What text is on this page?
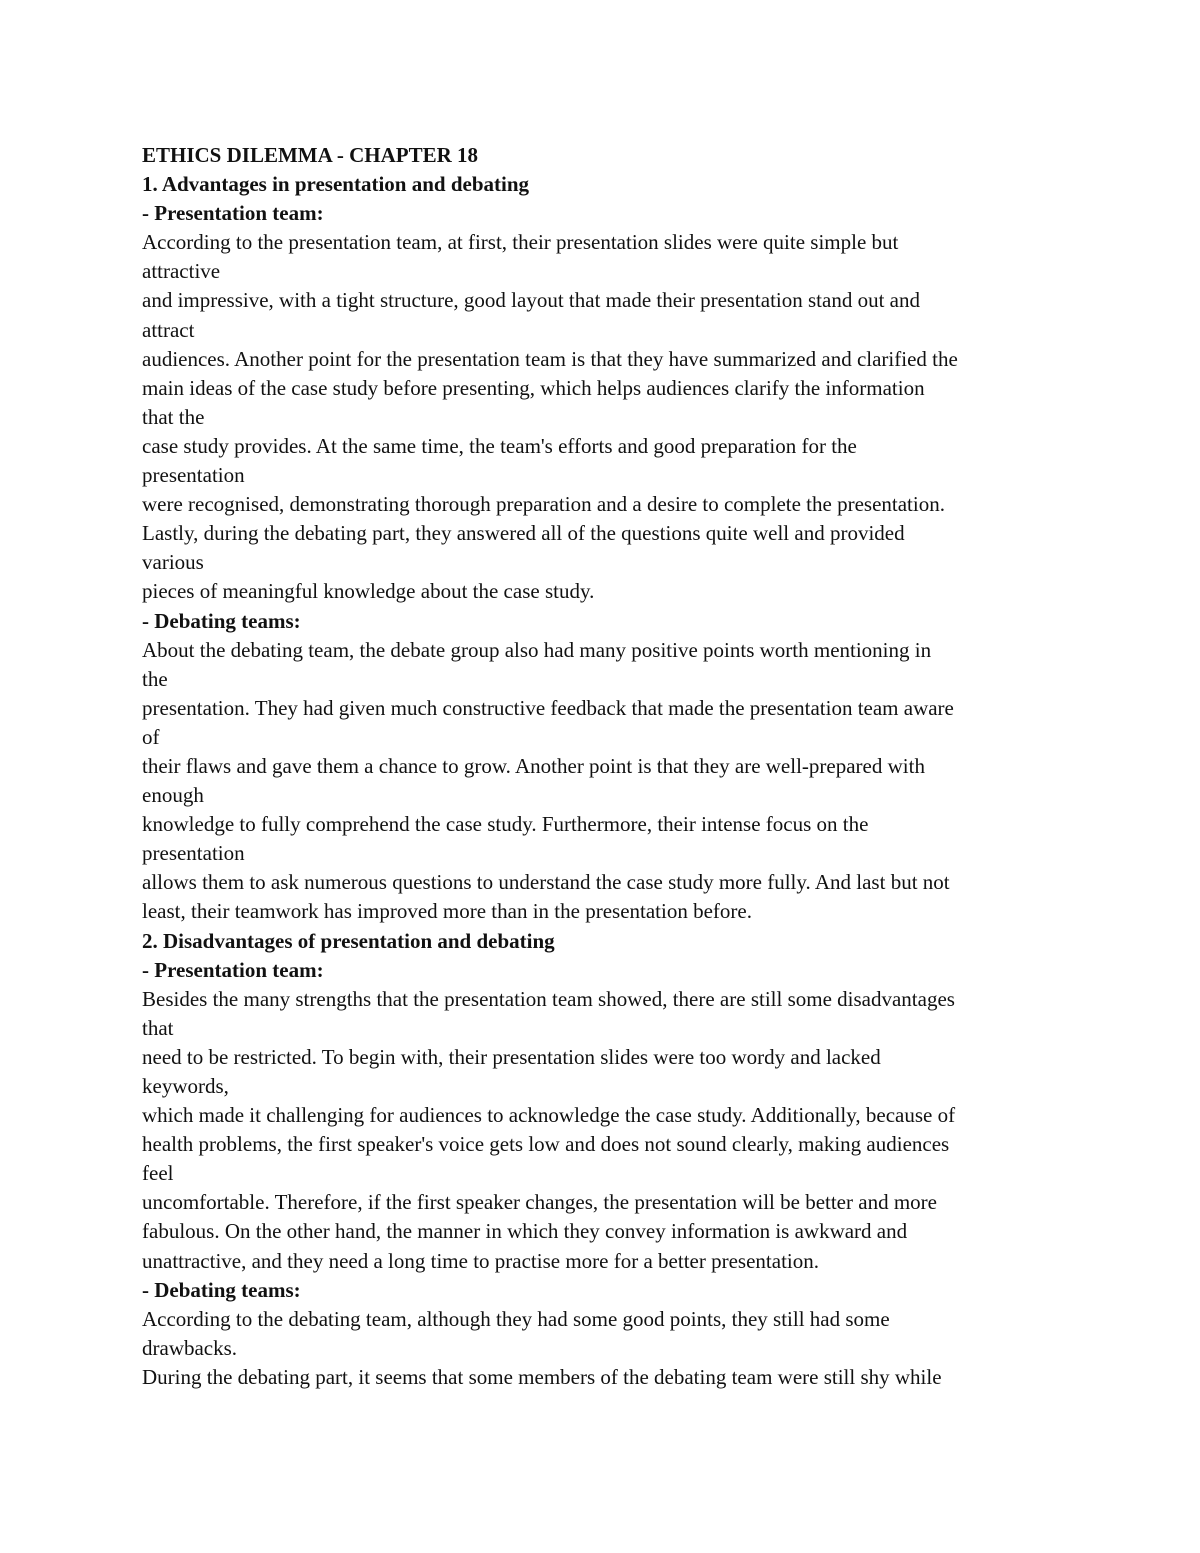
ETHICS DILEMMA - CHAPTER 18
1. Advantages in presentation and debating
- Presentation team:
According to the presentation team, at first, their presentation slides were quite simple but
attractive
and impressive, with a tight structure, good layout that made their presentation stand out and
attract
audiences. Another point for the presentation team is that they have summarized and clarified the
main ideas of the case study before presenting, which helps audiences clarify the information
that the
case study provides. At the same time, the team's efforts and good preparation for the
presentation
were recognised, demonstrating thorough preparation and a desire to complete the presentation.
Lastly, during the debating part, they answered all of the questions quite well and provided
various
pieces of meaningful knowledge about the case study.
- Debating teams:
About the debating team, the debate group also had many positive points worth mentioning in
the
presentation. They had given much constructive feedback that made the presentation team aware
of
their flaws and gave them a chance to grow. Another point is that they are well-prepared with
enough
knowledge to fully comprehend the case study. Furthermore, their intense focus on the
presentation
allows them to ask numerous questions to understand the case study more fully. And last but not
least, their teamwork has improved more than in the presentation before.
2. Disadvantages of presentation and debating
- Presentation team:
Besides the many strengths that the presentation team showed, there are still some disadvantages
that
need to be restricted. To begin with, their presentation slides were too wordy and lacked
keywords,
which made it challenging for audiences to acknowledge the case study. Additionally, because of
health problems, the first speaker's voice gets low and does not sound clearly, making audiences
feel
uncomfortable. Therefore, if the first speaker changes, the presentation will be better and more
fabulous. On the other hand, the manner in which they convey information is awkward and
unattractive, and they need a long time to practise more for a better presentation.
- Debating teams:
According to the debating team, although they had some good points, they still had some
drawbacks.
During the debating part, it seems that some members of the debating team were still shy while
